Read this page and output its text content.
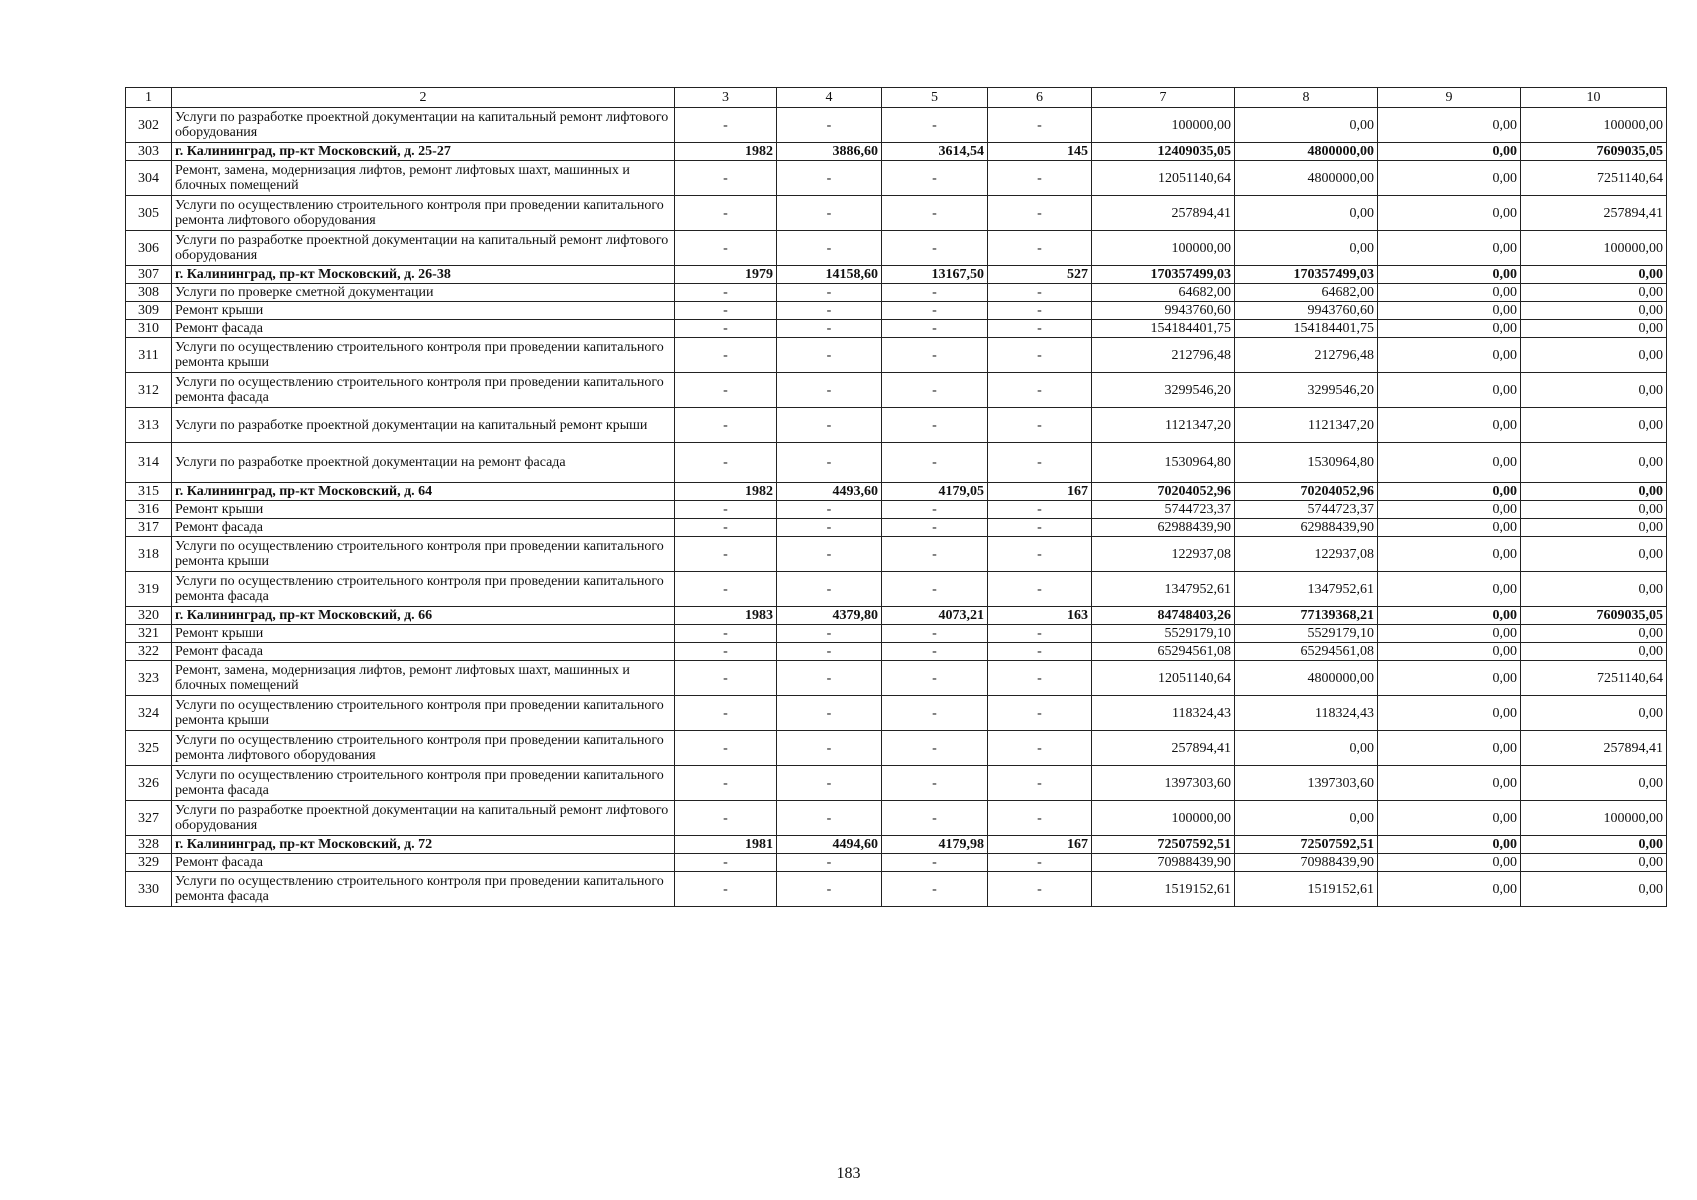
1	2	3	4	5	6	7	8	9	10
302	Услуги по разработке проектной документации на капитальный ремонт лифтового оборудования	-	-	-	-	100000,00	0,00	0,00	100000,00
303	г. Калининград, пр-кт Московский, д. 25-27	1982	3886,60	3614,54	145	12409035,05	4800000,00	0,00	7609035,05
304	Ремонт, замена, модернизация лифтов, ремонт лифтовых шахт, машинных и блочных помещений	-	-	-	-	12051140,64	4800000,00	0,00	7251140,64
305	Услуги по осуществлению строительного контроля при проведении капитального ремонта лифтового оборудования	-	-	-	-	257894,41	0,00	0,00	257894,41
306	Услуги по разработке проектной документации на капитальный ремонт лифтового оборудования	-	-	-	-	100000,00	0,00	0,00	100000,00
307	г. Калининград, пр-кт Московский, д. 26-38	1979	14158,60	13167,50	527	170357499,03	170357499,03	0,00	0,00
308	Услуги по проверке сметной документации	-	-	-	-	64682,00	64682,00	0,00	0,00
309	Ремонт крыши	-	-	-	-	9943760,60	9943760,60	0,00	0,00
310	Ремонт фасада	-	-	-	-	154184401,75	154184401,75	0,00	0,00
311	Услуги по осуществлению строительного контроля при проведении капитального ремонта крыши	-	-	-	-	212796,48	212796,48	0,00	0,00
312	Услуги по осуществлению строительного контроля при проведении капитального ремонта фасада	-	-	-	-	3299546,20	3299546,20	0,00	0,00
313	Услуги по разработке проектной документации на капитальный ремонт крыши	-	-	-	-	1121347,20	1121347,20	0,00	0,00
314	Услуги по разработке проектной документации на ремонт фасада	-	-	-	-	1530964,80	1530964,80	0,00	0,00
315	г. Калининград, пр-кт Московский, д. 64	1982	4493,60	4179,05	167	70204052,96	70204052,96	0,00	0,00
316	Ремонт крыши	-	-	-	-	5744723,37	5744723,37	0,00	0,00
317	Ремонт фасада	-	-	-	-	62988439,90	62988439,90	0,00	0,00
318	Услуги по осуществлению строительного контроля при проведении капитального ремонта крыши	-	-	-	-	122937,08	122937,08	0,00	0,00
319	Услуги по осуществлению строительного контроля при проведении капитального ремонта фасада	-	-	-	-	1347952,61	1347952,61	0,00	0,00
320	г. Калининград, пр-кт Московский, д. 66	1983	4379,80	4073,21	163	84748403,26	77139368,21	0,00	7609035,05
321	Ремонт крыши	-	-	-	-	5529179,10	5529179,10	0,00	0,00
322	Ремонт фасада	-	-	-	-	65294561,08	65294561,08	0,00	0,00
323	Ремонт, замена, модернизация лифтов, ремонт лифтовых шахт, машинных и блочных помещений	-	-	-	-	12051140,64	4800000,00	0,00	7251140,64
324	Услуги по осуществлению строительного контроля при проведении капитального ремонта крыши	-	-	-	-	118324,43	118324,43	0,00	0,00
325	Услуги по осуществлению строительного контроля при проведении капитального ремонта лифтового оборудования	-	-	-	-	257894,41	0,00	0,00	257894,41
326	Услуги по осуществлению строительного контроля при проведении капитального ремонта фасада	-	-	-	-	1397303,60	1397303,60	0,00	0,00
327	Услуги по разработке проектной документации на капитальный ремонт лифтового оборудования	-	-	-	-	100000,00	0,00	0,00	100000,00
328	г. Калининград, пр-кт Московский, д. 72	1981	4494,60	4179,98	167	72507592,51	72507592,51	0,00	0,00
329	Ремонт фасада	-	-	-	-	70988439,90	70988439,90	0,00	0,00
330	Услуги по осуществлению строительного контроля при проведении капитального ремонта фасада	-	-	-	-	1519152,61	1519152,61	0,00	0,00
183
